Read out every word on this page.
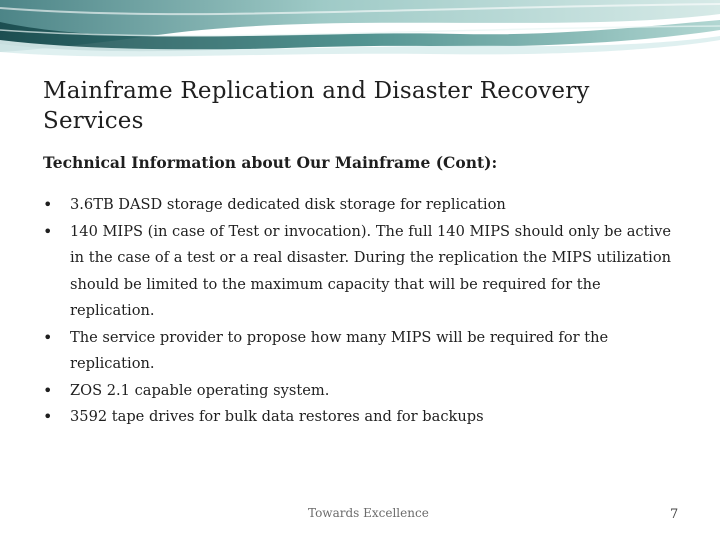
Mainframe Replication and Disaster Recovery Services
Technical Information about Our Mainframe (Cont):
• 3.6TB DASD storage dedicated disk storage for replication
• 140 MIPS (in case of Test or invocation). The full 140 MIPS should only be active in the case of a test or a real disaster. During the replication the MIPS utilization should be limited to the maximum capacity that will be required for the replication.
• The service provider to propose how many MIPS will be required for the replication.
• ZOS 2.1 capable operating system.
• 3592 tape drives for bulk data restores and for backups
Towards Excellence	7
